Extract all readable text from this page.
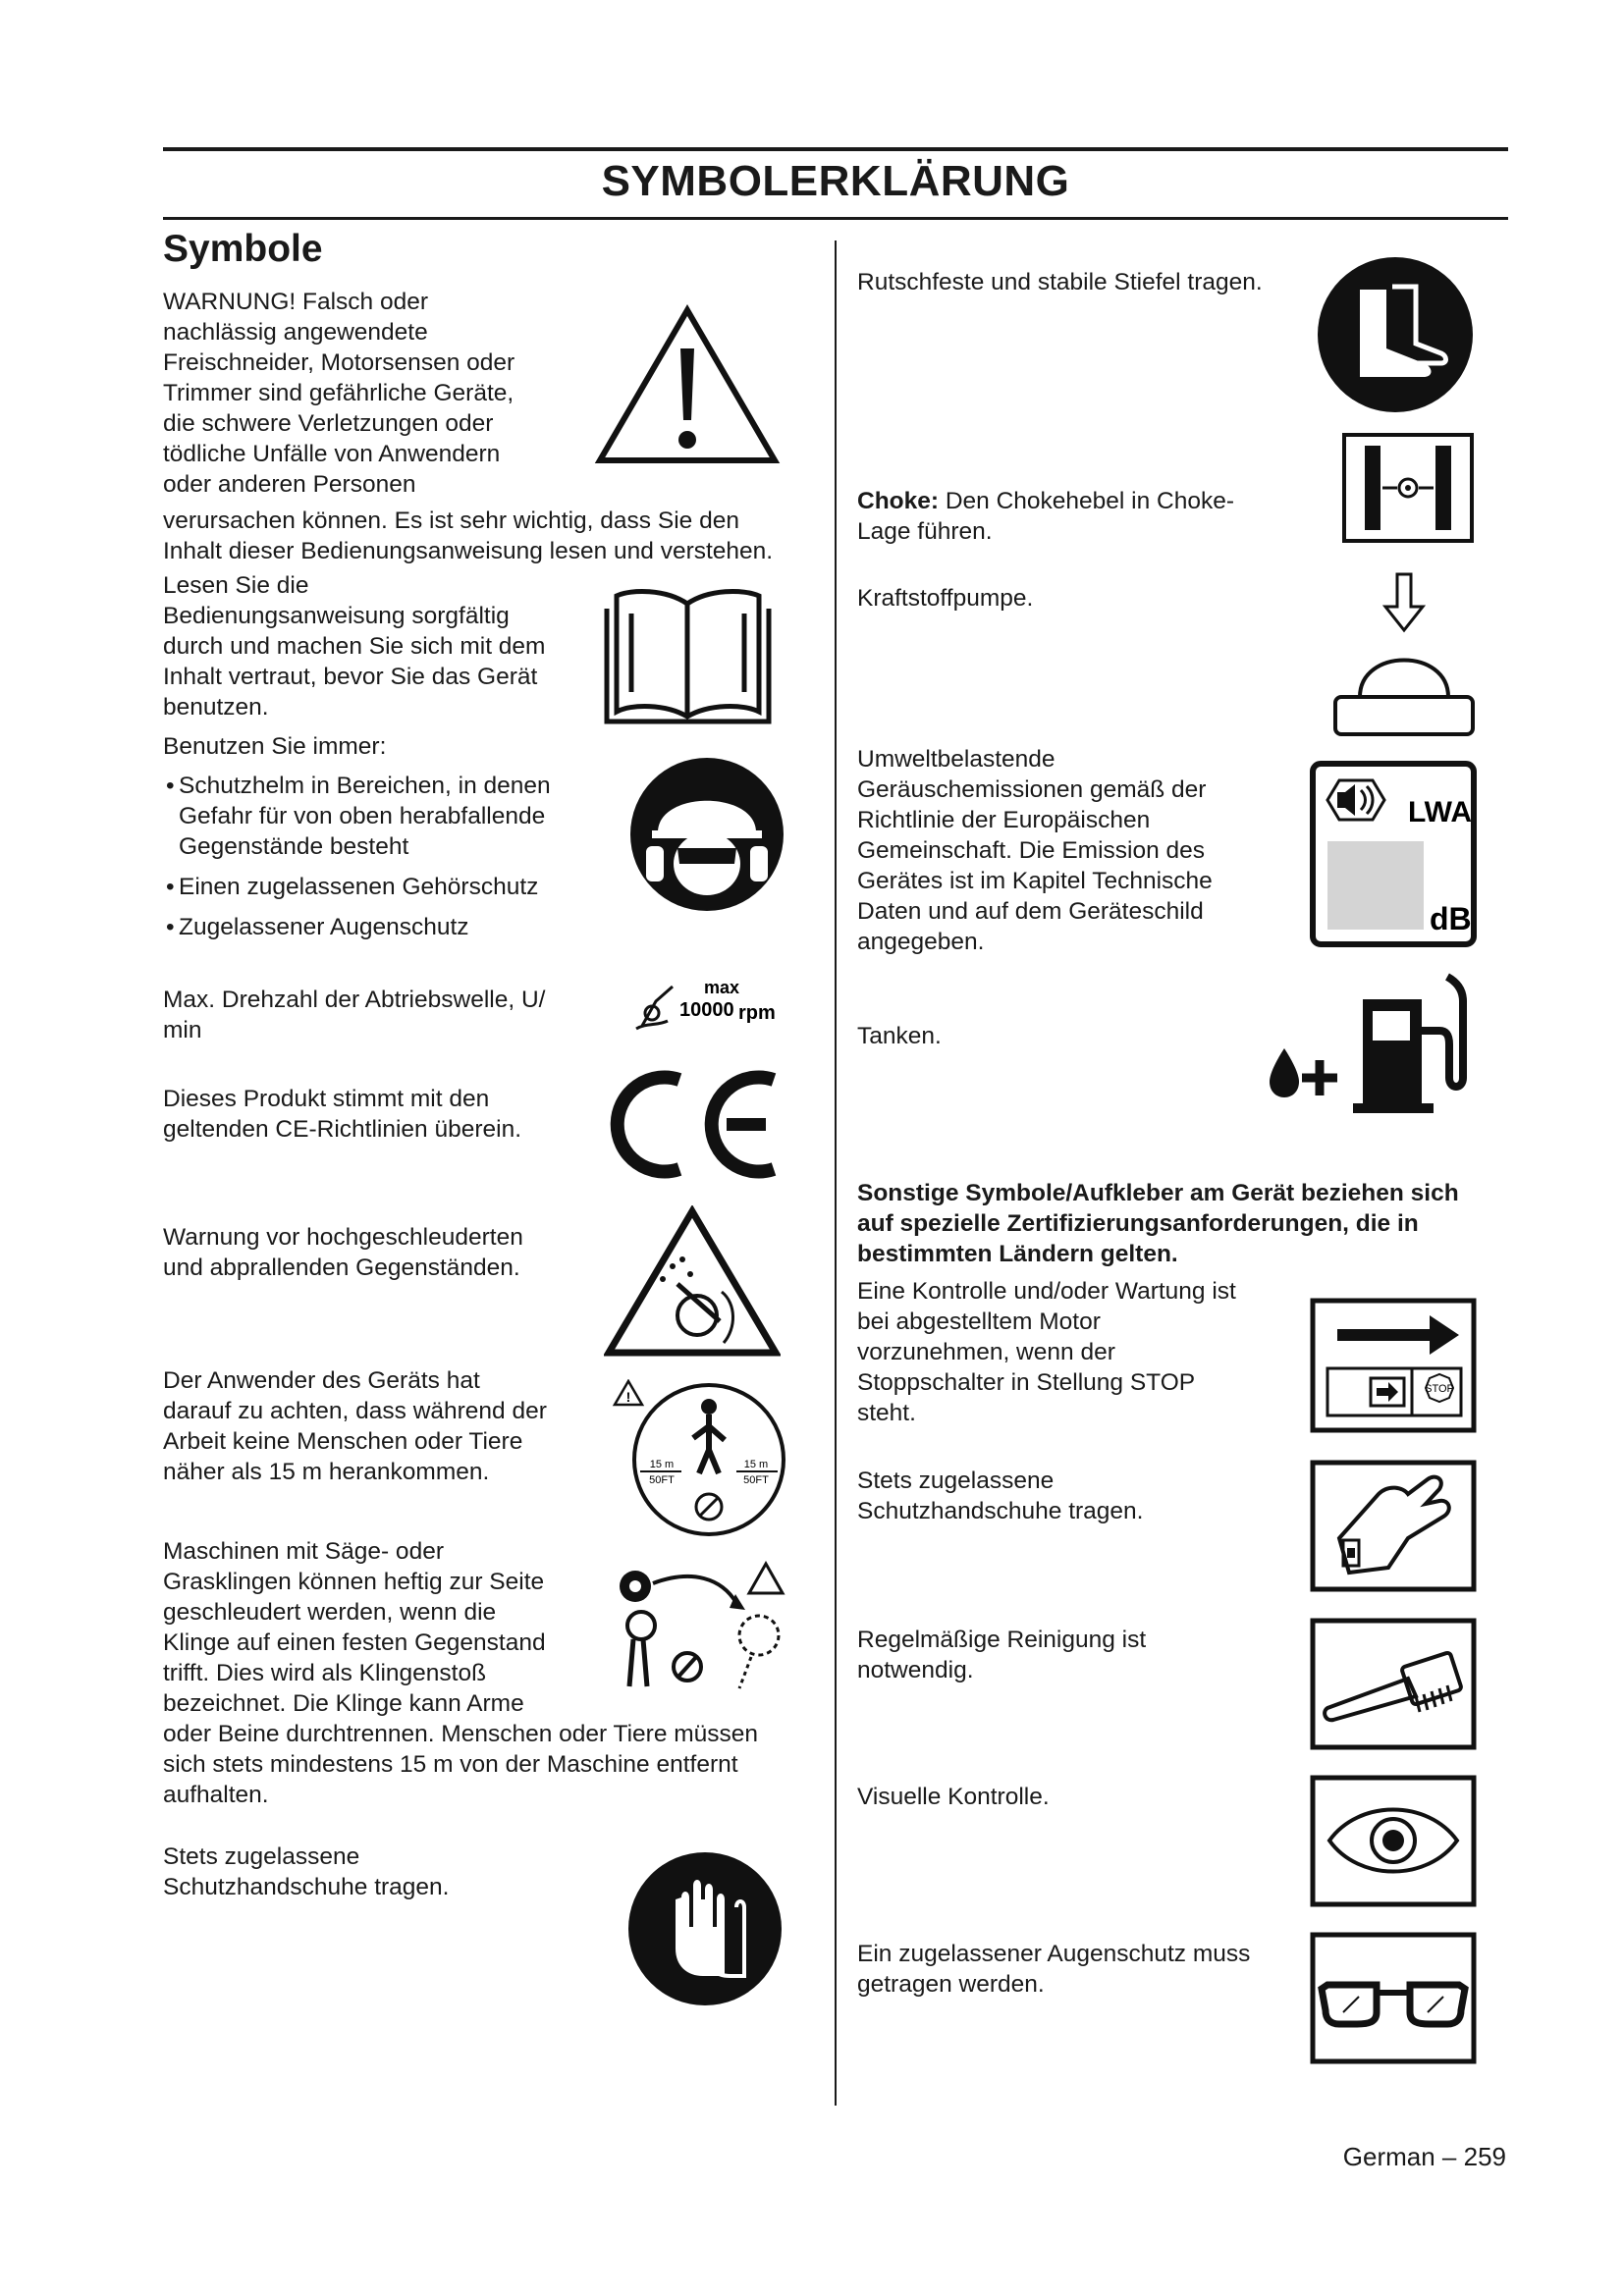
SYMBOLERKLÄRUNG
Symbole
WARNUNG! Falsch oder
nachlässig angewendete
Freischneider, Motorsensen oder
Trimmer sind gefährliche Geräte,
die schwere Verletzungen oder
tödliche Unfälle von Anwendern
oder anderen Personen
verursachen können. Es ist sehr wichtig, dass Sie den
Inhalt dieser Bedienungsanweisung lesen und verstehen.
Lesen Sie die
Bedienungsanweisung sorgfältig
durch und machen Sie sich mit dem
Inhalt vertraut, bevor Sie das Gerät
benutzen.
Benutzen Sie immer:
• Schutzhelm in Bereichen, in denen
Gefahr für von oben herabfallende
Gegenstände besteht
• Einen zugelassenen Gehörschutz
• Zugelassener Augenschutz
Max. Drehzahl der Abtriebswelle, U/
min
max
10000 rpm
Dieses Produkt stimmt mit den
geltenden CE-Richtlinien überein.
Warnung vor hochgeschleuderten
und abprallenden Gegenständen.
Der Anwender des Geräts hat
darauf zu achten, dass während der
Arbeit keine Menschen oder Tiere
näher als 15 m herankommen.
!
15 m
50FT
15 m
50FT
Maschinen mit Säge- oder
Grasklingen können heftig zur Seite
geschleudert werden, wenn die
Klinge auf einen festen Gegenstand
trifft. Dies wird als Klingenstoß
bezeichnet. Die Klinge kann Arme
oder Beine durchtrennen. Menschen oder Tiere müssen
sich stets mindestens 15 m von der Maschine entfernt
aufhalten.
Stets zugelassene
Schutzhandschuhe tragen.
Rutschfeste und stabile Stiefel tragen.
Choke: Den Chokehebel in Choke-
Lage führen.
Kraftstoffpumpe.
Umweltbelastende
Geräuschemissionen gemäß der
Richtlinie der Europäischen
Gemeinschaft. Die Emission des
Gerätes ist im Kapitel Technische
Daten und auf dem Geräteschild
angegeben.
LWA
dB
Tanken.
Sonstige Symbole/Aufkleber am Gerät beziehen sich
auf spezielle Zertifizierungsanforderungen, die in
bestimmten Ländern gelten.
Eine Kontrolle und/oder Wartung ist
bei abgestelltem Motor
vorzunehmen, wenn der
Stoppschalter in Stellung STOP
steht.
STOP
Stets zugelassene
Schutzhandschuhe tragen.
Regelmäßige Reinigung ist
notwendig.
Visuelle Kontrolle.
Ein zugelassener Augenschutz muss
getragen werden.
German – 259
